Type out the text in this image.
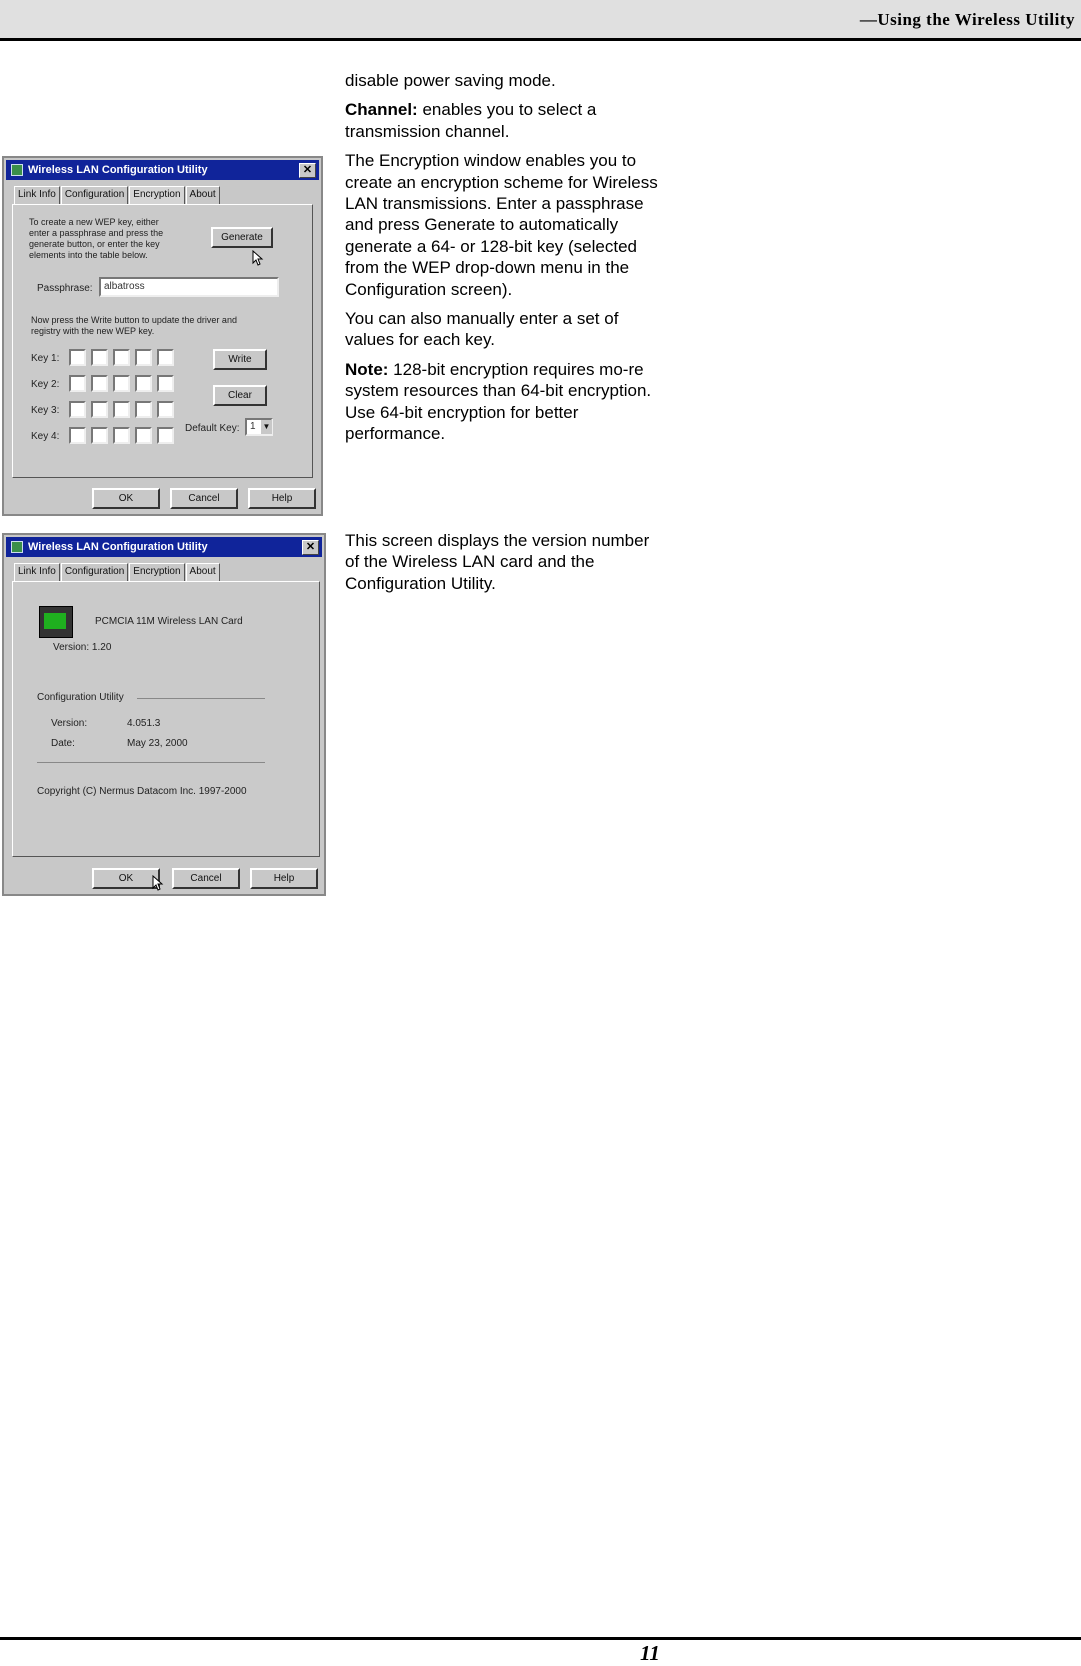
—Using the Wireless Utility
Wireless LAN Configuration Utility	✕
Link Info Configuration Encryption About
To create a new WEP key, either enter a passphrase and press the generate button, or enter the key elements into the table below.
Generate
Passphrase:	albatross
Now press the Write button to update the driver and registry with the new WEP key.
Key 1:
Key 2:
Key 3:
Key 4:
Write
Clear
Default Key:	1 ▼
OK	Cancel	Help

disable power saving mode.

Channel: enables you to select a transmission channel.

The Encryption window enables you to create an encryption scheme for Wireless LAN transmissions. Enter a passphrase and press Generate to automatically generate a 64- or 128-bit key (selected from the WEP drop-down menu in the Configuration screen).

You can also manually enter a set of values for each key.

Note: 128-bit encryption requires mo-re system resources than 64-bit encryption. Use 64-bit encryption for better performance.

Wireless LAN Configuration Utility	✕
Link Info Configuration Encryption About
PCMCIA 11M Wireless LAN Card
Version: 1.20
Configuration Utility
Version:	4.051.3
Date:	May 23, 2000
Copyright (C) Nermus Datacom Inc. 1997-2000
OK	Cancel	Help

This screen displays the version number of the Wireless LAN card and the Configuration Utility.

11
